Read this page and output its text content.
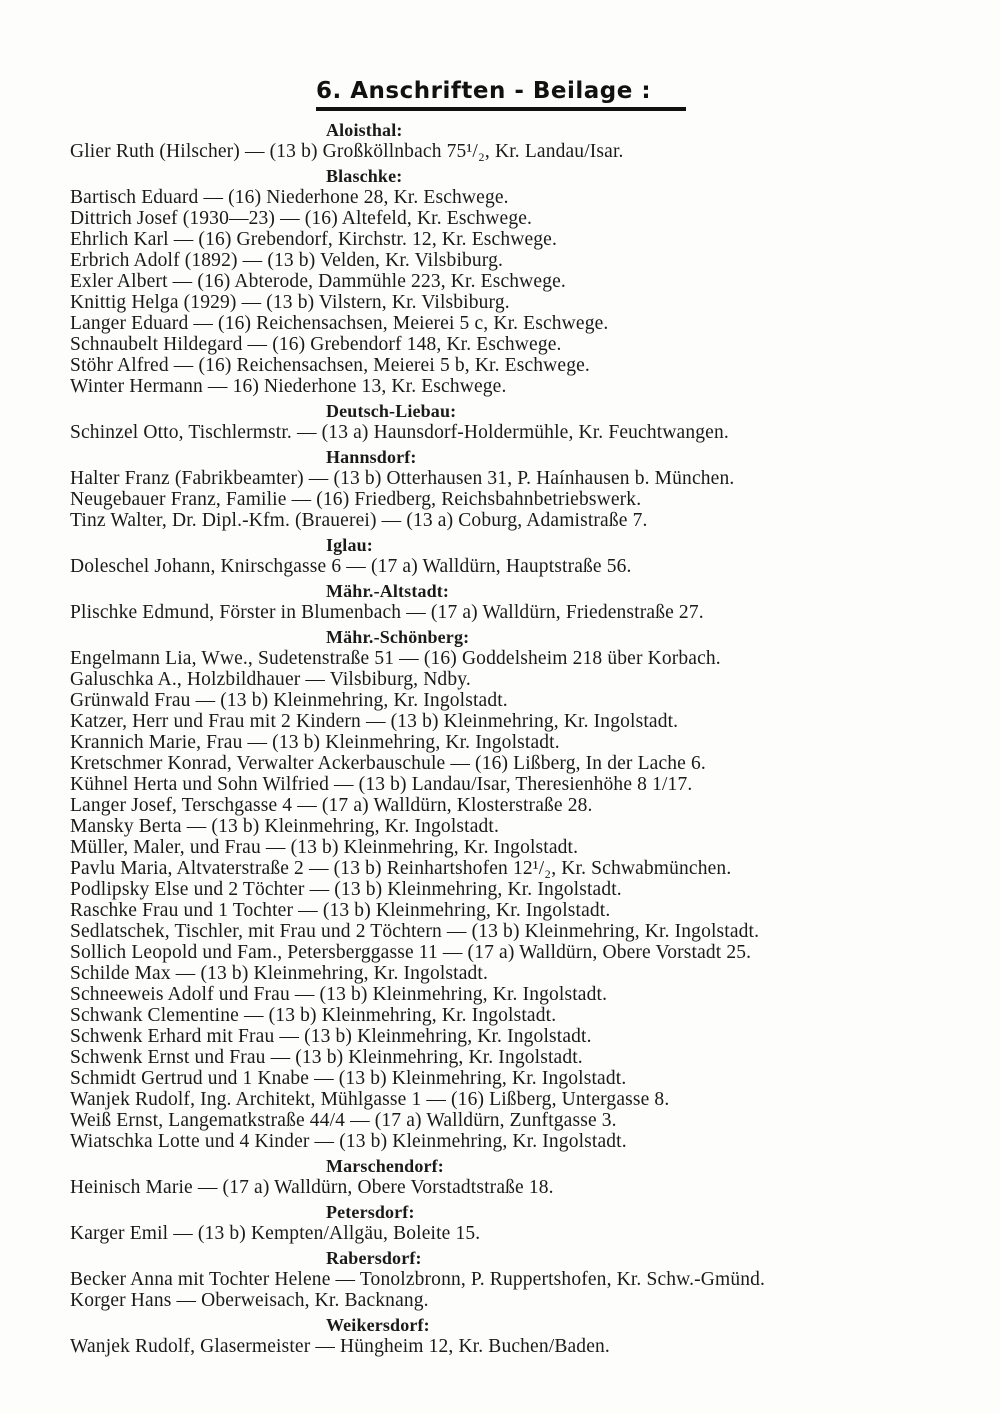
6. Anschriften - Beilage :
Aloisthal:
Glier Ruth (Hilscher) — (13 b) Großköllnbach 75¹/₂, Kr. Landau/Isar.
Blaschke:
Bartisch Eduard — (16) Niederhone 28, Kr. Eschwege.
Dittrich Josef (1930—23) — (16) Altefeld, Kr. Eschwege.
Ehrlich Karl — (16) Grebendorf, Kirchstr. 12, Kr. Eschwege.
Erbrich Adolf (1892) — (13 b) Velden, Kr. Vilsbiburg.
Exler Albert — (16) Abterode, Dammühle 223, Kr. Eschwege.
Knittig Helga (1929) — (13 b) Vilstern, Kr. Vilsbiburg.
Langer Eduard — (16) Reichensachsen, Meierei 5 c, Kr. Eschwege.
Schnaubelt Hildegard — (16) Grebendorf 148, Kr. Eschwege.
Stöhr Alfred — (16) Reichensachsen, Meierei 5 b, Kr. Eschwege.
Winter Hermann — 16) Niederhone 13, Kr. Eschwege.
Deutsch-Liebau:
Schinzel Otto, Tischlermstr. — (13 a) Haunsdorf-Holdermühle, Kr. Feuchtwangen.
Hannsdorf:
Halter Franz (Fabrikbeamter) — (13 b) Otterhausen 31, P. Haínhausen b. München.
Neugebauer Franz, Familie — (16) Friedberg, Reichsbahnbetriebswerk.
Tinz Walter, Dr. Dipl.-Kfm. (Brauerei) — (13 a) Coburg, Adamistraße 7.
Iglau:
Doleschel Johann, Knirschgasse 6 — (17 a) Walldürn, Hauptstraße 56.
Mähr.-Altstadt:
Plischke Edmund, Förster in Blumenbach — (17 a) Walldürn, Friedenstraße 27.
Mähr.-Schönberg:
Engelmann Lia, Wwe., Sudetenstraße 51 — (16) Goddelsheim 218 über Korbach.
Galuschka A., Holzbildhauer — Vilsbiburg, Ndby.
Grünwald Frau — (13 b) Kleinmehring, Kr. Ingolstadt.
Katzer, Herr und Frau mit 2 Kindern — (13 b) Kleinmehring, Kr. Ingolstadt.
Krannich Marie, Frau — (13 b) Kleinmehring, Kr. Ingolstadt.
Kretschmer Konrad, Verwalter Ackerbauschule — (16) Lißberg, In der Lache 6.
Kühnel Herta und Sohn Wilfried — (13 b) Landau/Isar, Theresienhöhe 8 1/17.
Langer Josef, Terschgasse 4 — (17 a) Walldürn, Klosterstraße 28.
Mansky Berta — (13 b) Kleinmehring, Kr. Ingolstadt.
Müller, Maler, und Frau — (13 b) Kleinmehring, Kr. Ingolstadt.
Pavlu Maria, Altvaterstraße 2 — (13 b) Reinhartshofen 12¹/₂, Kr. Schwabmünchen.
Podlipsky Else und 2 Töchter — (13 b) Kleinmehring, Kr. Ingolstadt.
Raschke Frau und 1 Tochter — (13 b) Kleinmehring, Kr. Ingolstadt.
Sedlatschek, Tischler, mit Frau und 2 Töchtern — (13 b) Kleinmehring, Kr. Ingolstadt.
Sollich Leopold und Fam., Petersberggasse 11 — (17 a) Walldürn, Obere Vorstadt 25.
Schilde Max — (13 b) Kleinmehring, Kr. Ingolstadt.
Schneeweis Adolf und Frau — (13 b) Kleinmehring, Kr. Ingolstadt.
Schwank Clementine — (13 b) Kleinmehring, Kr. Ingolstadt.
Schwenk Erhard mit Frau — (13 b) Kleinmehring, Kr. Ingolstadt.
Schwenk Ernst und Frau — (13 b) Kleinmehring, Kr. Ingolstadt.
Schmidt Gertrud und 1 Knabe — (13 b) Kleinmehring, Kr. Ingolstadt.
Wanjek Rudolf, Ing. Architekt, Mühlgasse 1 — (16) Lißberg, Untergasse 8.
Weiß Ernst, Langematkstraße 44/4 — (17 a) Walldürn, Zunftgasse 3.
Wiatschka Lotte und 4 Kinder — (13 b) Kleinmehring, Kr. Ingolstadt.
Marschendorf:
Heinisch Marie — (17 a) Walldürn, Obere Vorstadtstraße 18.
Petersdorf:
Karger Emil — (13 b) Kempten/Allgäu, Boleite 15.
Rabersdorf:
Becker Anna mit Tochter Helene — Tonolzbronn, P. Ruppertshofen, Kr. Schw.-Gmünd.
Korger Hans — Oberweisach, Kr. Backnang.
Weikersdorf:
Wanjek Rudolf, Glasermeister — Hüngheim 12, Kr. Buchen/Baden.
